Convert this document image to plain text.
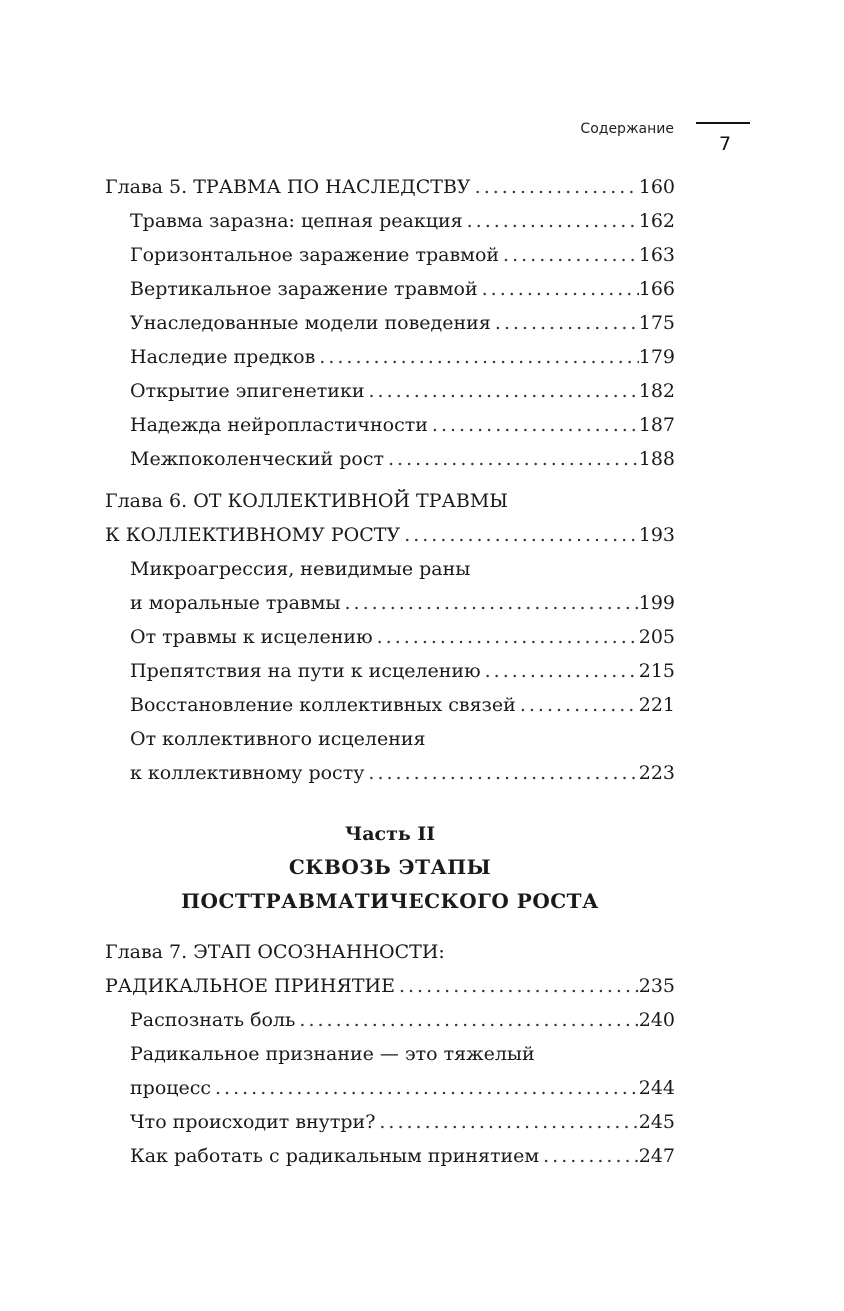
Содержание
7
Глава 5. ТРАВМА ПО НАСЛЕДСТВУ .....	160
Травма заразна: цепная реакция .....	162
Горизонтальное заражение травмой .....	163
Вертикальное заражение травмой .....	166
Унаследованные модели поведения .....	175
Наследие предков .....	179
Открытие эпигенетики .....	182
Надежда нейропластичности .....	187
Межпоколенческий рост .....	188
Глава 6. ОТ КОЛЛЕКТИВНОЙ ТРАВМЫ
К КОЛЛЕКТИВНОМУ РОСТУ .....	193
Микроагрессия, невидимые раны
и моральные травмы .....	199
От травмы к исцелению .....	205
Препятствия на пути к исцелению .....	215
Восстановление коллективных связей .....	221
От коллективного исцеления
к коллективному росту .....	223
Часть II
СКВОЗЬ ЭТАПЫ
ПОСТТРАВМАТИЧЕСКОГО РОСТА
Глава 7. ЭТАП ОСОЗНАННОСТИ:
РАДИКАЛЬНОЕ ПРИНЯТИЕ .....	235
Распознать боль .....	240
Радикальное признание — это тяжелый
процесс .....	244
Что происходит внутри? .....	245
Как работать с радикальным принятием .....	247
